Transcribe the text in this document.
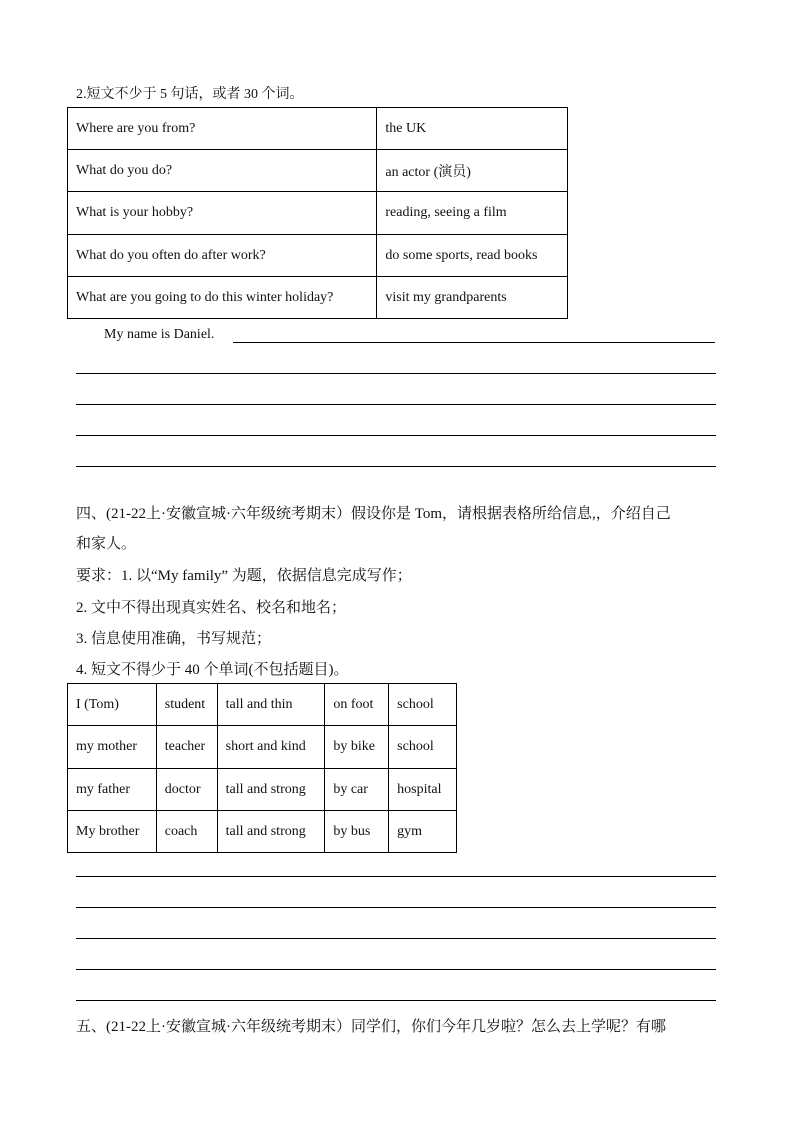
2.短文不少于 5 句话，或者 30 个词。
Where are you from?	the UK
What do you do?	an actor (演员)
What is your hobby?	reading, seeing a film
What do you often do after work?	do some sports, read books
What are you going to do this winter holiday?	visit my grandparents
My name is Daniel.
四、(21-22上·安徽宣城·六年级统考期末）假设你是 Tom，请根据表格所给信息,，介绍自己
和家人。
要求：1. 以“My family” 为题，依据信息完成写作；
2. 文中不得出现真实姓名、校名和地名；
3. 信息使用准确，书写规范；
4. 短文不得少于 40 个单词(不包括题目)。
I (Tom)	student	tall and thin	on foot	school
my mother	teacher	short and kind	by bike	school
my father	doctor	tall and strong	by car	hospital
My brother	coach	tall and strong	by bus	gym
五、(21-22上·安徽宣城·六年级统考期末）同学们，你们今年几岁啦？怎么去上学呢？有哪
